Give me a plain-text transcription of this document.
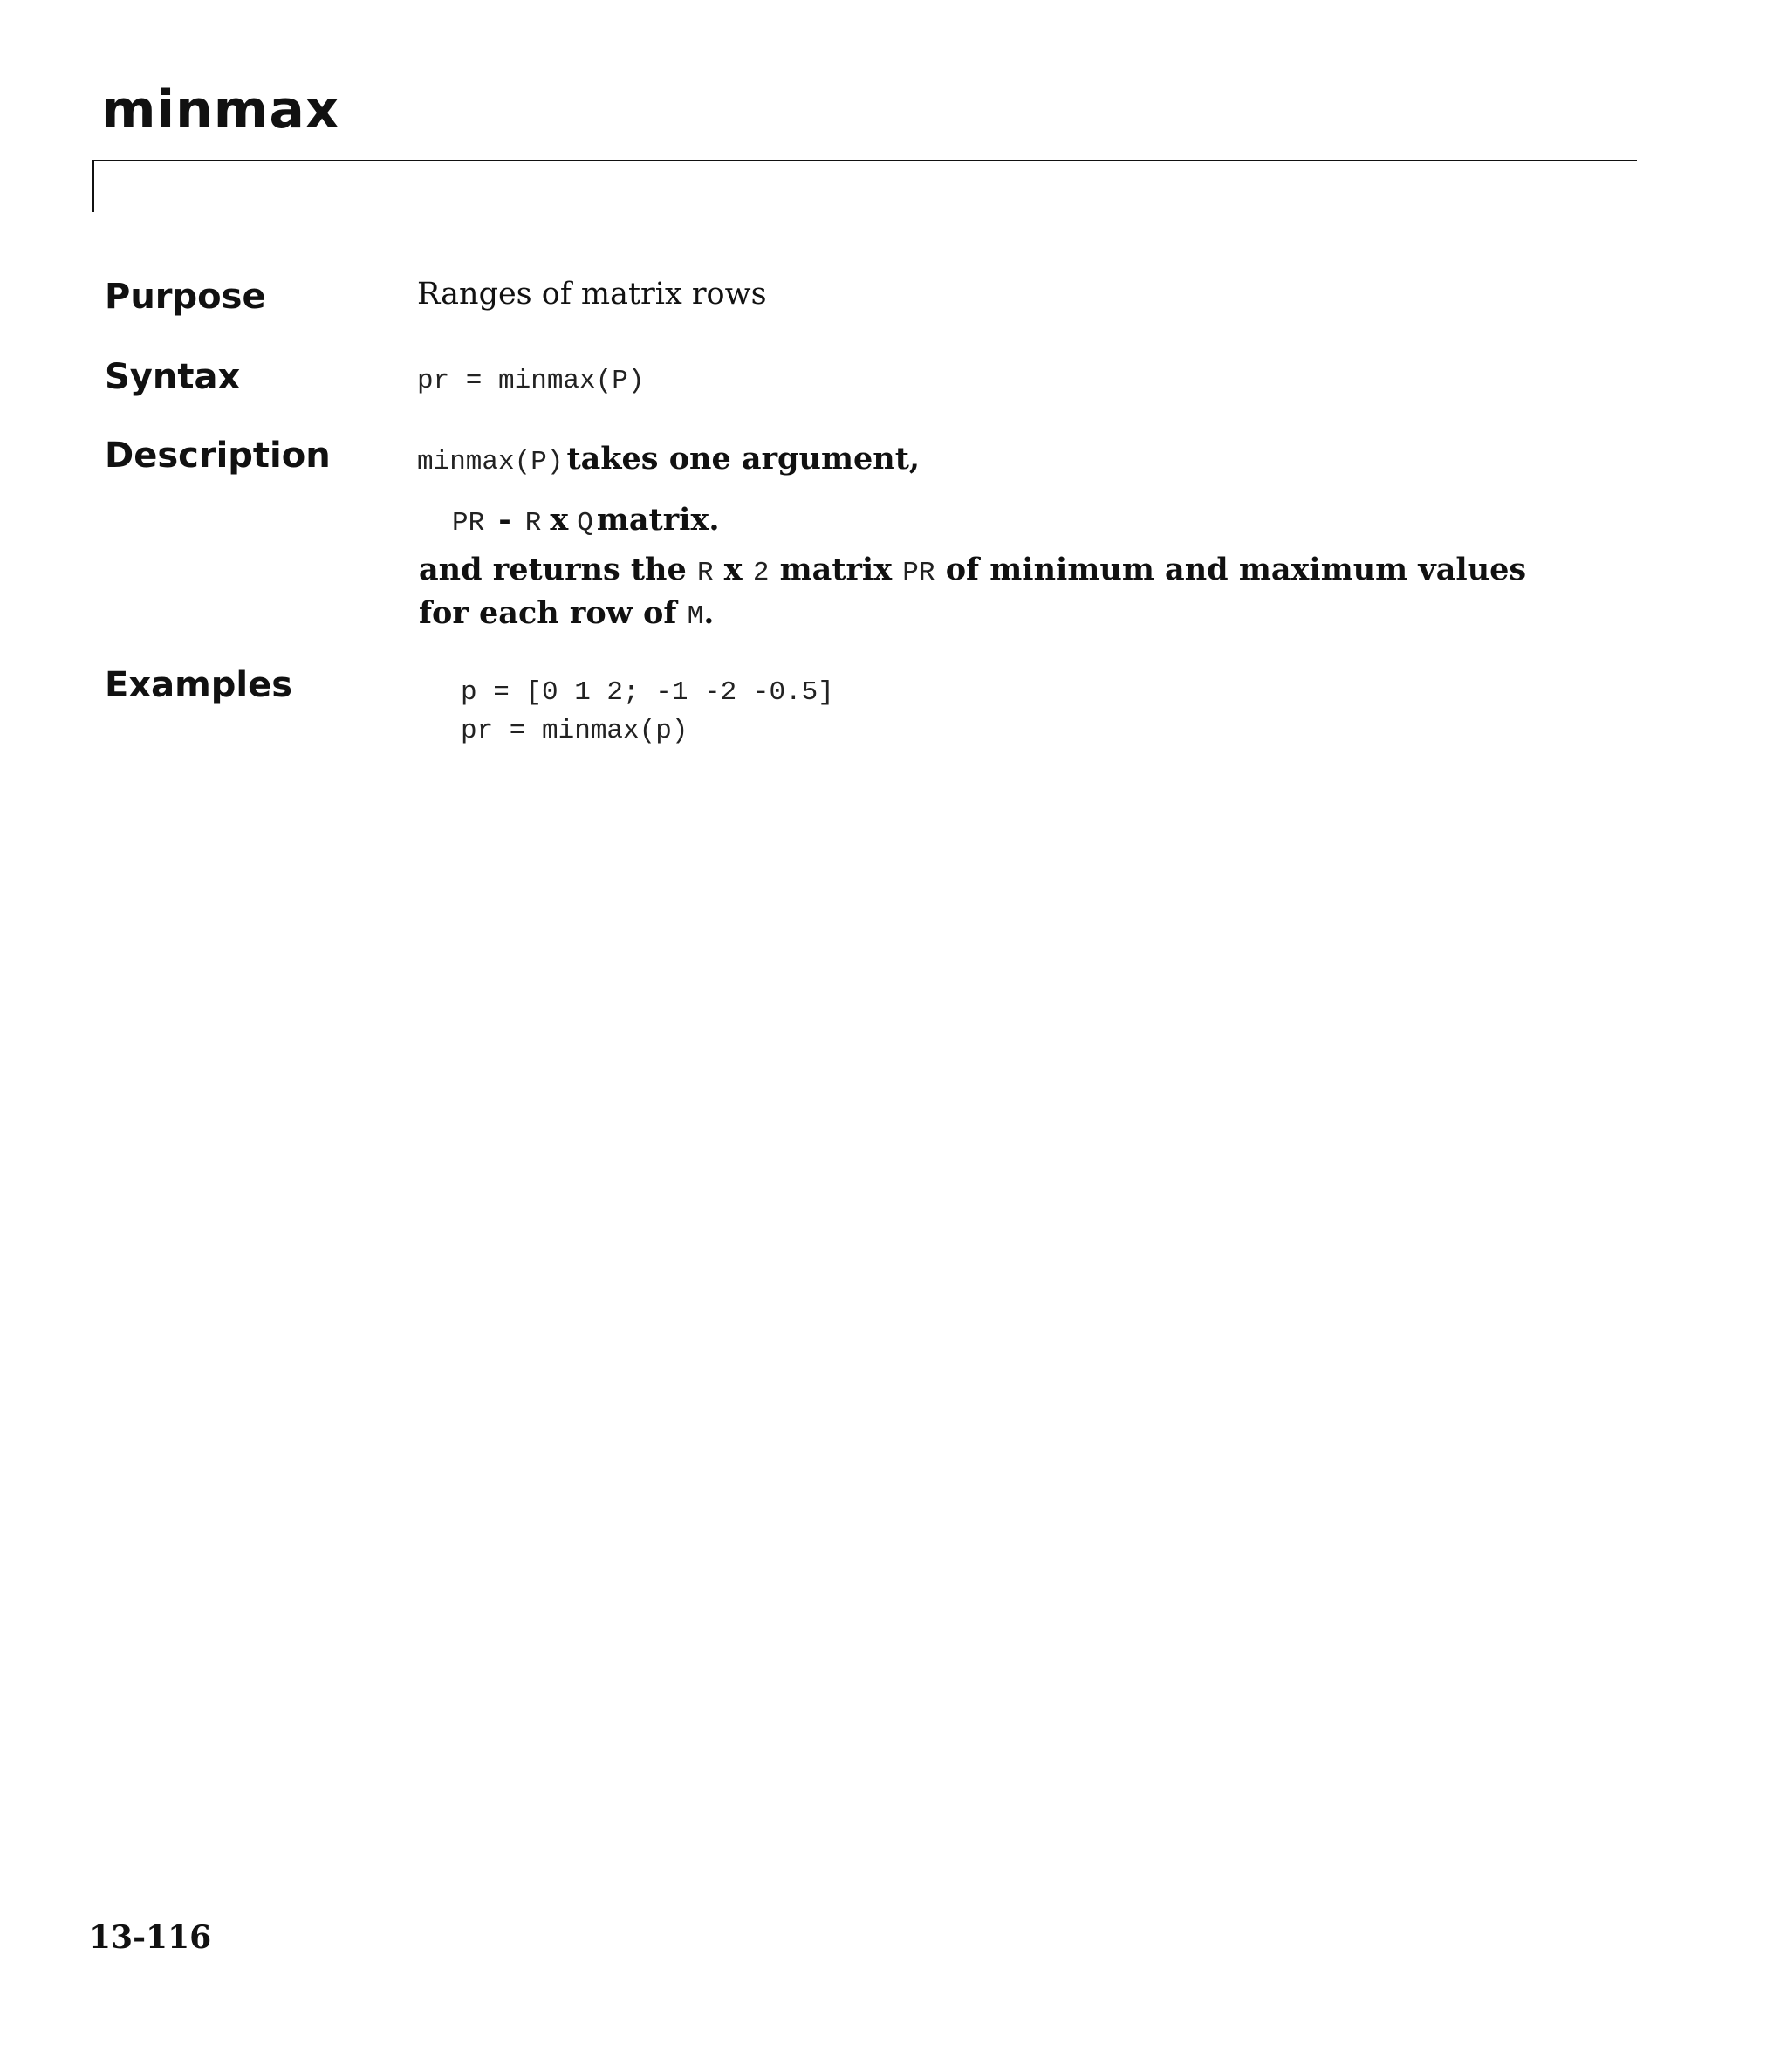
minmax
Purpose	Ranges of matrix rows
Syntax	pr = minmax(P)
Description	minmax(P) takes one argument,
PR - R x Q matrix.
and returns the R x 2 matrix PR of minimum and maximum values for each row of M.
Examples	p = [0 1 2; -1 -2 -0.5]
pr = minmax(p)
13-116
